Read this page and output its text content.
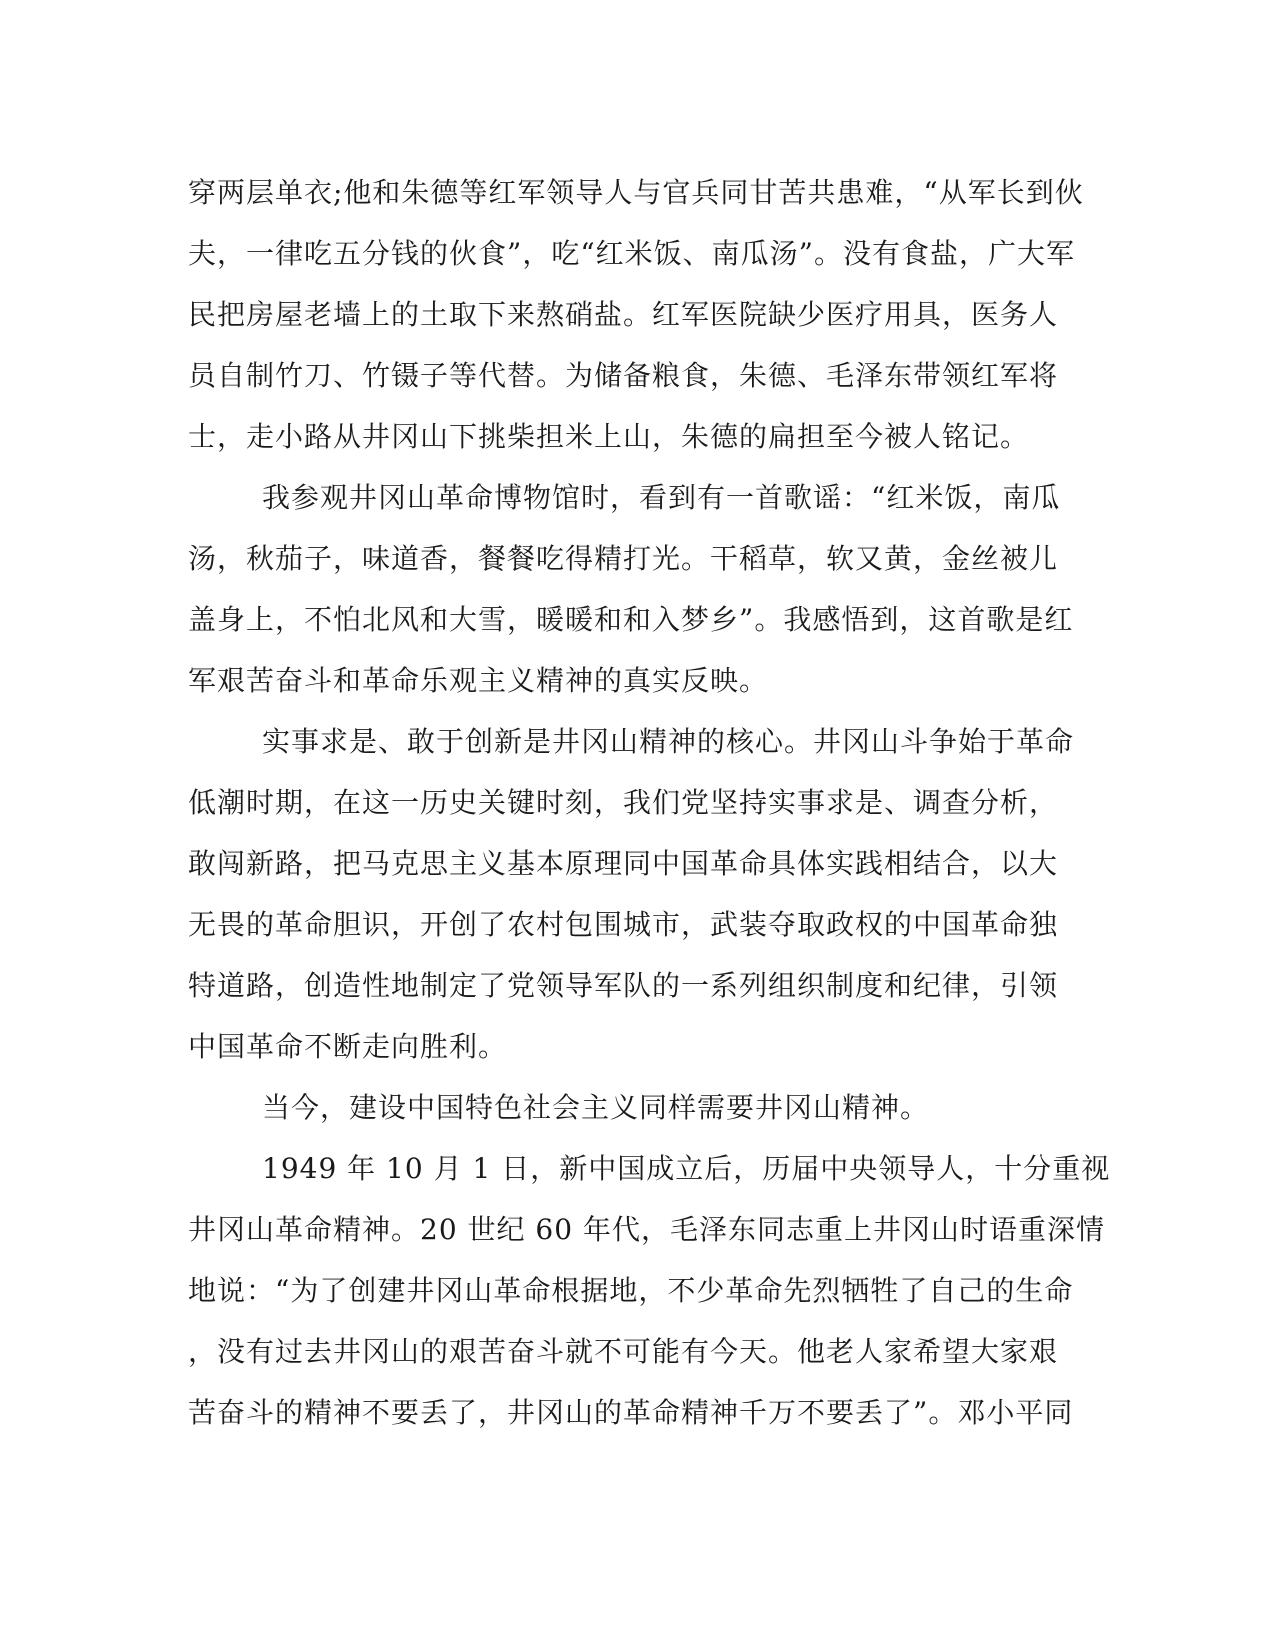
穿两层单衣;他和朱德等红军领导人与官兵同甘苦共患难，“从军长到伙
夫，一律吃五分钱的伙食”，吃“红米饭、南瓜汤”。没有食盐，广大军
民把房屋老墙上的土取下来熬硝盐。红军医院缺少医疗用具，医务人
员自制竹刀、竹镊子等代替。为储备粮食，朱德、毛泽东带领红军将
士，走小路从井冈山下挑柴担米上山，朱德的扁担至今被人铭记。
我参观井冈山革命博物馆时，看到有一首歌谣：“红米饭，南瓜
汤，秋茄子，味道香，餐餐吃得精打光。干稻草，软又黄，金丝被儿
盖身上，不怕北风和大雪，暖暖和和入梦乡”。我感悟到，这首歌是红
军艰苦奋斗和革命乐观主义精神的真实反映。
实事求是、敢于创新是井冈山精神的核心。井冈山斗争始于革命
低潮时期，在这一历史关键时刻，我们党坚持实事求是、调查分析，
敢闯新路，把马克思主义基本原理同中国革命具体实践相结合，以大
无畏的革命胆识，开创了农村包围城市，武装夺取政权的中国革命独
特道路，创造性地制定了党领导军队的一系列组织制度和纪律，引领
中国革命不断走向胜利。
当今，建设中国特色社会主义同样需要井冈山精神。
1949 年 10 月 1 日，新中国成立后，历届中央领导人，十分重视
井冈山革命精神。20 世纪 60 年代，毛泽东同志重上井冈山时语重深情
地说：“为了创建井冈山革命根据地，不少革命先烈牺牲了自己的生命
，没有过去井冈山的艰苦奋斗就不可能有今天。他老人家希望大家艰
苦奋斗的精神不要丢了，井冈山的革命精神千万不要丢了”。邓小平同
